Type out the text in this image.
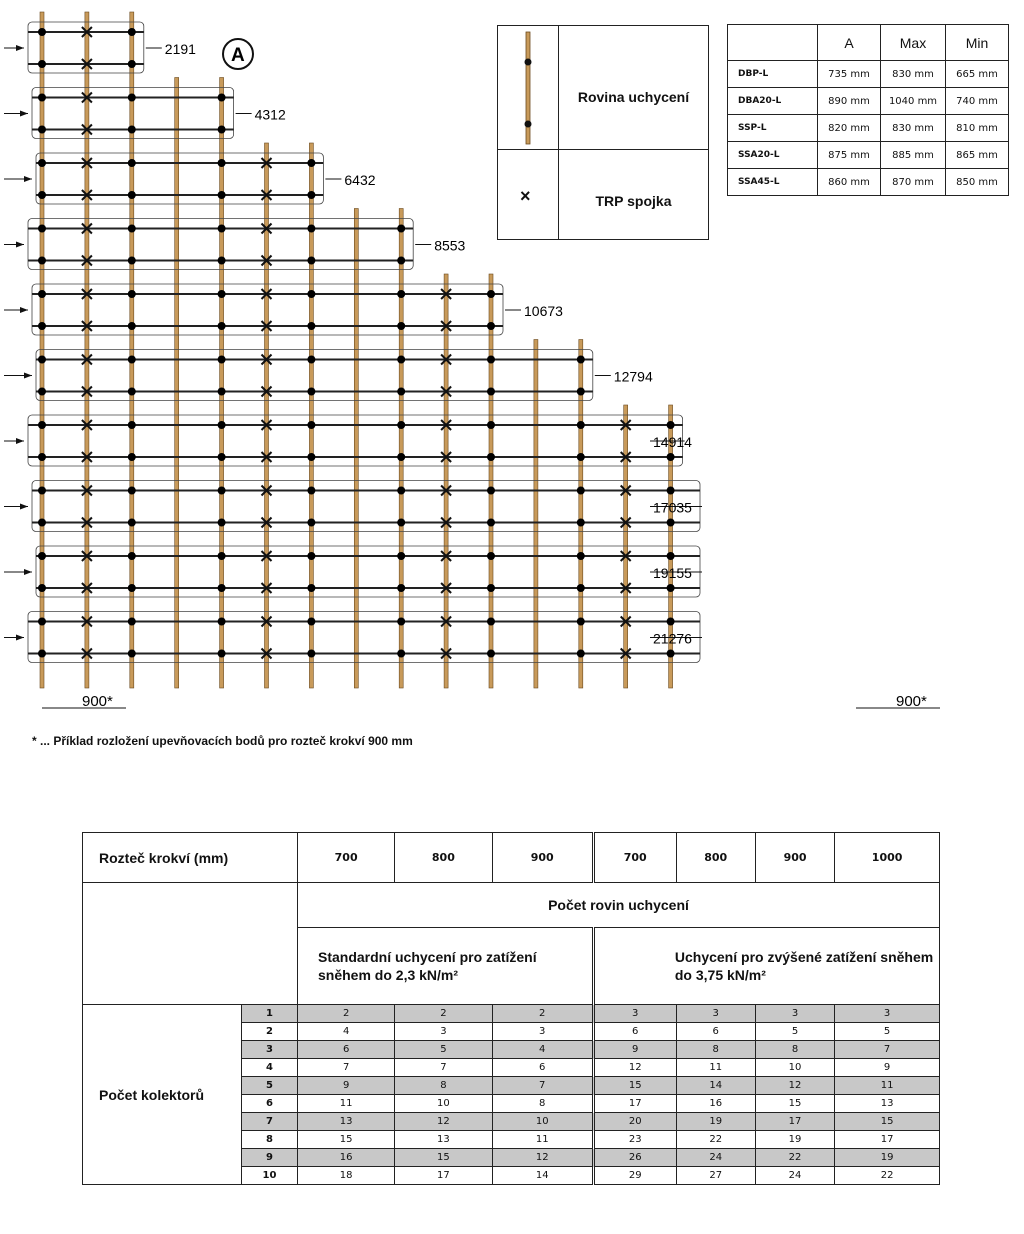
2191
4312
6432
8553
10673
12794
14914
17035
19155
21276
A
900*	900*
Rovina uchycení
×	TRP spojka
	A	Max	Min
DBP-L	735 mm	830 mm	665 mm
DBA20-L	890 mm	1040 mm	740 mm
SSP-L	820 mm	830 mm	810 mm
SSA20-L	875 mm	885 mm	865 mm
SSA45-L	860 mm	870 mm	850 mm
* ... Příklad rozložení upevňovacích bodů pro rozteč krokví 900 mm
Rozteč krokví (mm)		700	800	900	700	800	900	1000
		Počet rovin uchycení						
		Standardní uchycení pro zatížení sněhem do 2,3 kN/m²			Uchycení pro zvýšené zatížení sněhem do 3,75 kN/m²			
Počet kolektorů	1	2	2	2	3	3	3	3
	2	4	3	3	6	6	5	5
	3	6	5	4	9	8	8	7
	4	7	7	6	12	11	10	9
	5	9	8	7	15	14	12	11
	6	11	10	8	17	16	15	13
	7	13	12	10	20	19	17	15
	8	15	13	11	23	22	19	17
	9	16	15	12	26	24	22	19
	10	18	17	14	29	27	24	22
